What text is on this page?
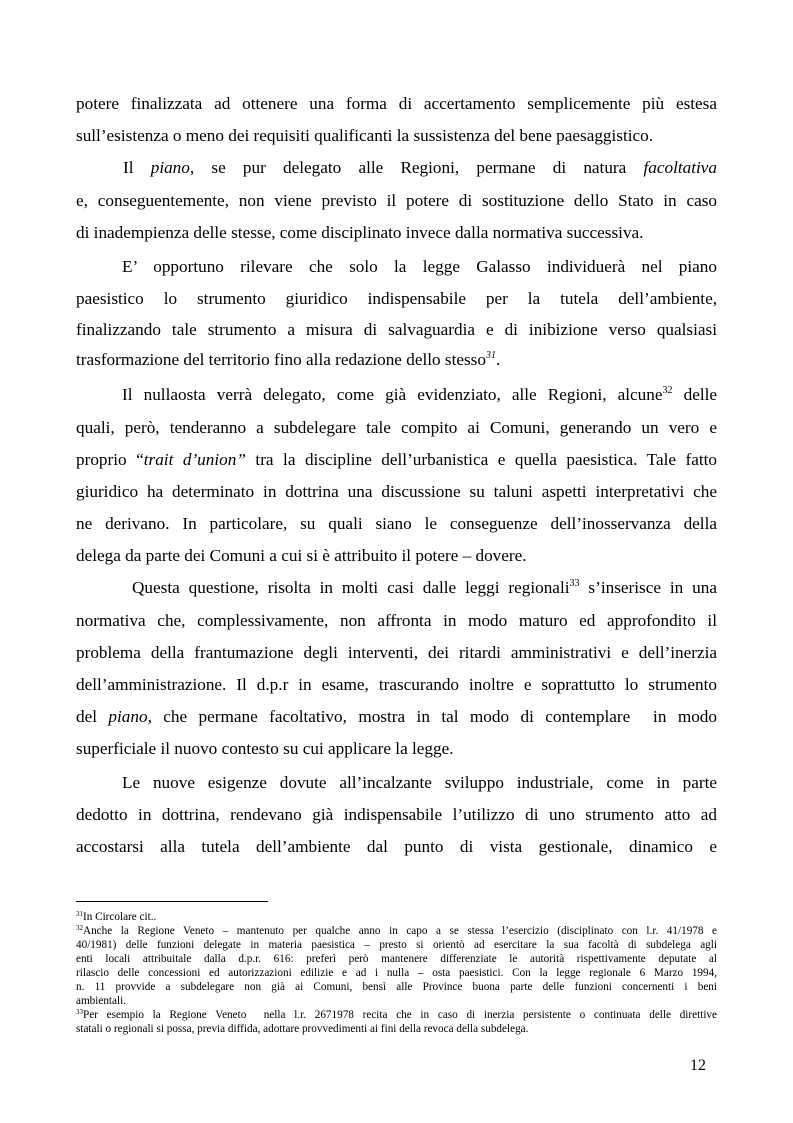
potere finalizzata ad ottenere una forma di accertamento semplicemente più estesa
sull’esistenza o meno dei requisiti qualificanti la sussistenza del bene paesaggistico.
Il piano, se pur delegato alle Regioni, permane di natura facoltativa
e, conseguentemente, non viene previsto il potere di sostituzione dello Stato in caso
di inadempienza delle stesse, come disciplinato invece dalla normativa successiva.
E’ opportuno rilevare che solo la legge Galasso individuerà nel piano
paesistico lo strumento giuridico indispensabile per la tutela dell’ambiente,
finalizzando tale strumento a misura di salvaguardia e di inibizione verso qualsiasi
trasformazione del territorio fino alla redazione dello stesso$^{31}$.
Il nullaosta verrà delegato, come già evidenziato, alle Regioni, alcune$^{32}$ delle
quali, però, tenderanno a subdelegare tale compito ai Comuni, generando un vero e
proprio “trait d’union” tra la discipline dell’urbanistica e quella paesistica. Tale fatto
giuridico ha determinato in dottrina una discussione su taluni aspetti interpretativi che
ne derivano. In particolare, su quali siano le conseguenze dell’inosservanza della
delega da parte dei Comuni a cui si è attribuito il potere – dovere.
Questa questione, risolta in molti casi dalle leggi regionali$^{33}$ s’inserisce in una
normativa che, complessivamente, non affronta in modo maturo ed approfondito il
problema della frantumazione degli interventi, dei ritardi amministrativi e dell’inerzia
dell’amministrazione. Il d.p.r in esame, trascurando inoltre e soprattutto lo strumento
del piano, che permane facoltativo, mostra in tal modo di contemplare  in modo
superficiale il nuovo contesto su cui applicare la legge.
Le nuove esigenze dovute all’incalzante sviluppo industriale, come in parte
dedotto in dottrina, rendevano già indispensabile l’utilizzo di uno strumento atto ad
accostarsi alla tutela dell’ambiente dal punto di vista gestionale, dinamico e
$^{31}$In Circolare cit..
$^{32}$Anche la Regione Veneto – mantenuto per qualche anno in capo a se stessa l’esercizio (disciplinato con l.r. 41/1978 e
40/1981) delle funzioni delegate in materia paesistica – presto si orientò ad esercitare la sua facoltà di subdelega agli
enti locali attribuitale dalla d.p.r. 616: preferì però mantenere differenziate le autorità rispettivamente deputate al
rilascio delle concessioni ed autorizzazioni edilizie e ad i nulla – osta paesistici. Con la legge regionale 6 Marzo 1994,
n. 11 provvide a subdelegare non già ai Comuni, bensì alle Province buona parte delle funzioni concernenti i beni
ambientali.
$^{33}$Per esempio la Regione Veneto  nella l.r. 2671978 recita che in caso di inerzia persistente o continuata delle direttive
statali o regionali si possa, previa diffida, adottare provvedimenti ai fini della revoca della subdelega.
12
